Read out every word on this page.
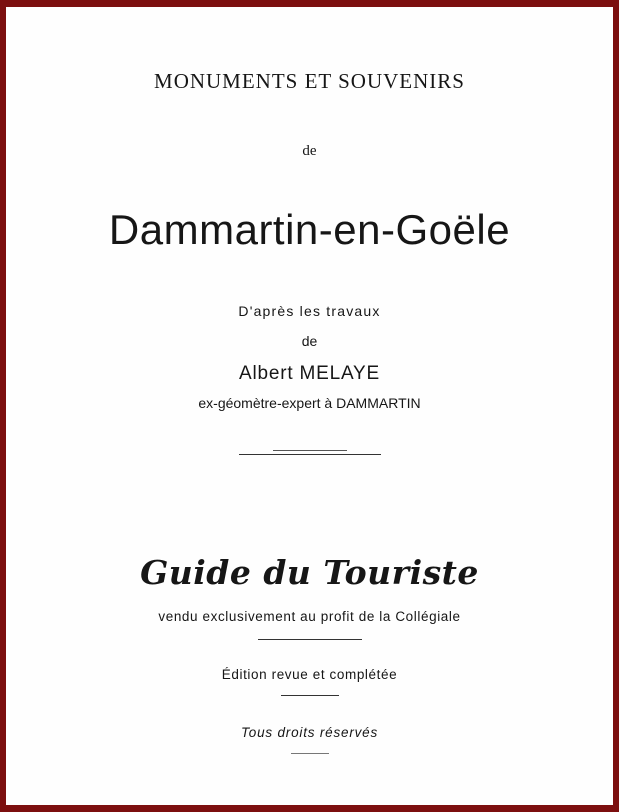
MONUMENTS ET SOUVENIRS
de
Dammartin-en-Goële
D'après les travaux
de
Albert MELAYE
ex-géomètre-expert à DAMMARTIN
Guide du Touriste
vendu exclusivement au profit de la Collégiale
Édition revue et complétée
Tous droits réservés
